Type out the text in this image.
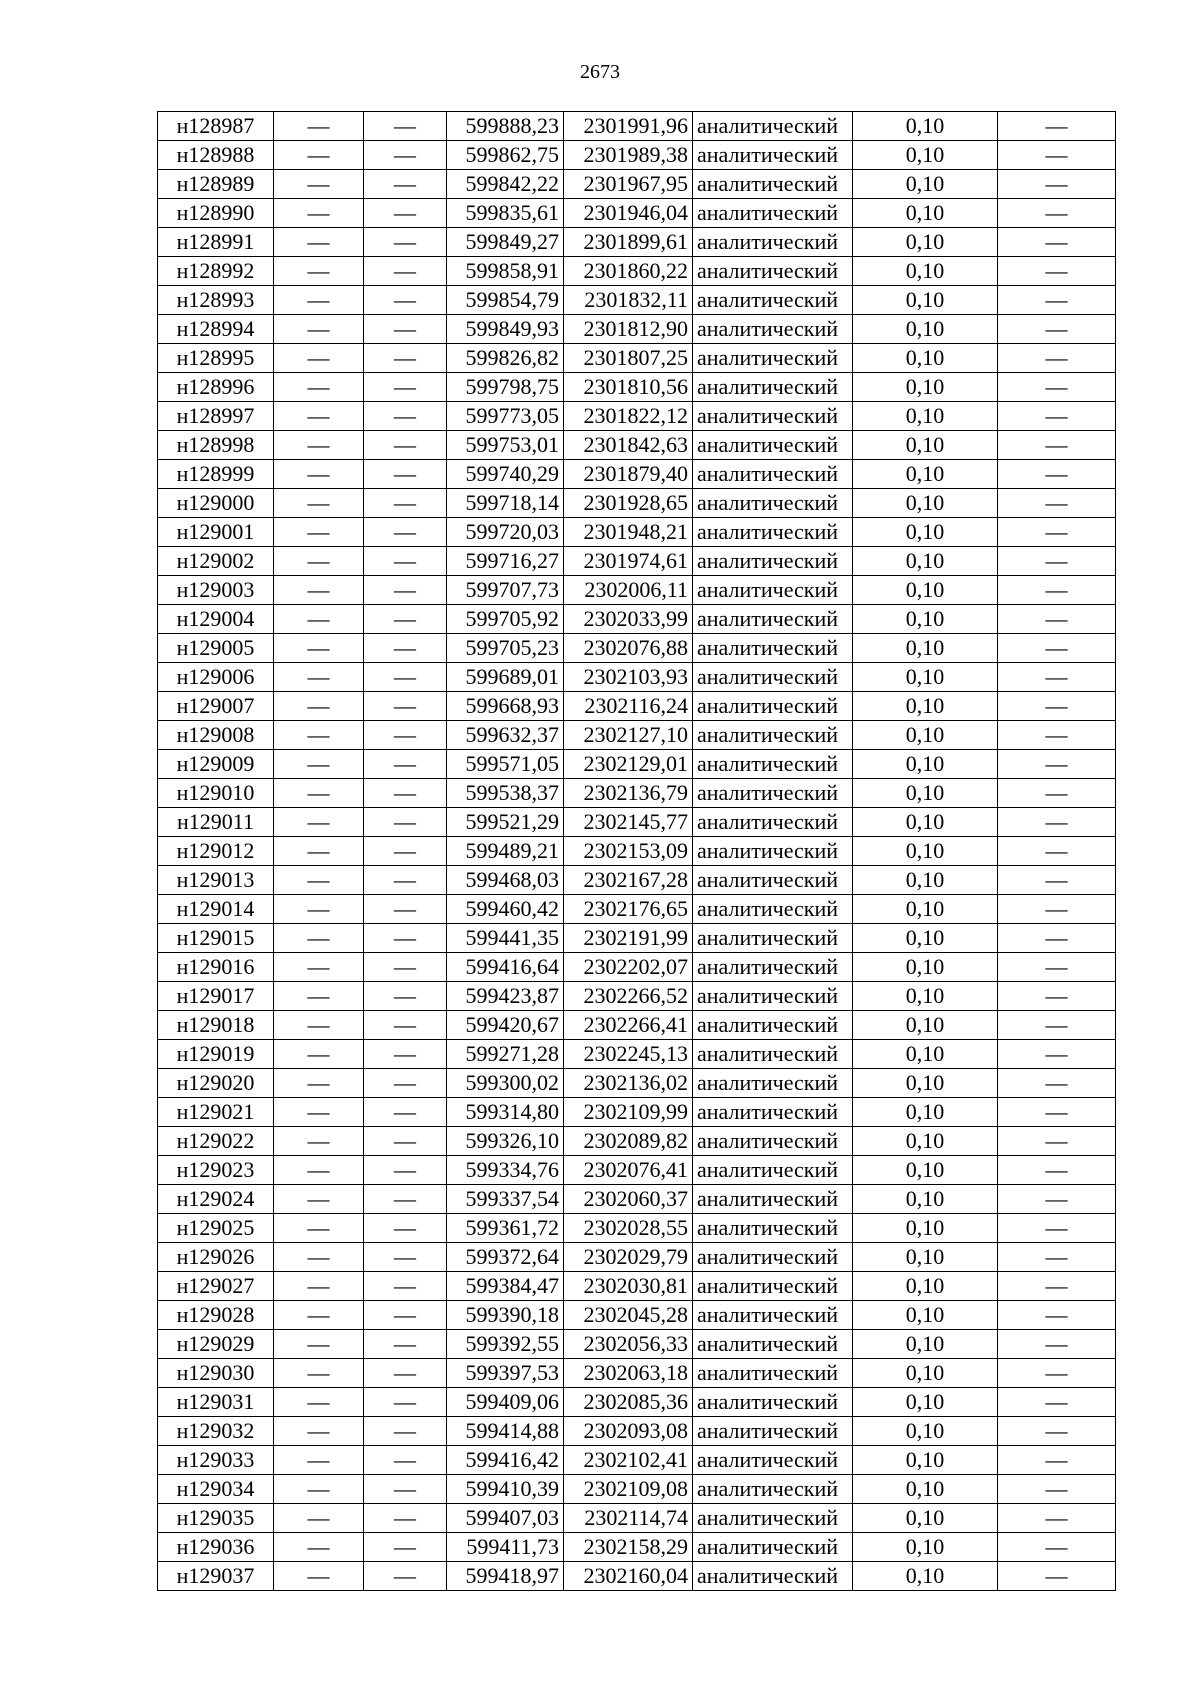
2673
н128987	—	—	599888,23	2301991,96	аналитический	0,10	—
н128988	—	—	599862,75	2301989,38	аналитический	0,10	—
н128989	—	—	599842,22	2301967,95	аналитический	0,10	—
н128990	—	—	599835,61	2301946,04	аналитический	0,10	—
н128991	—	—	599849,27	2301899,61	аналитический	0,10	—
н128992	—	—	599858,91	2301860,22	аналитический	0,10	—
н128993	—	—	599854,79	2301832,11	аналитический	0,10	—
н128994	—	—	599849,93	2301812,90	аналитический	0,10	—
н128995	—	—	599826,82	2301807,25	аналитический	0,10	—
н128996	—	—	599798,75	2301810,56	аналитический	0,10	—
н128997	—	—	599773,05	2301822,12	аналитический	0,10	—
н128998	—	—	599753,01	2301842,63	аналитический	0,10	—
н128999	—	—	599740,29	2301879,40	аналитический	0,10	—
н129000	—	—	599718,14	2301928,65	аналитический	0,10	—
н129001	—	—	599720,03	2301948,21	аналитический	0,10	—
н129002	—	—	599716,27	2301974,61	аналитический	0,10	—
н129003	—	—	599707,73	2302006,11	аналитический	0,10	—
н129004	—	—	599705,92	2302033,99	аналитический	0,10	—
н129005	—	—	599705,23	2302076,88	аналитический	0,10	—
н129006	—	—	599689,01	2302103,93	аналитический	0,10	—
н129007	—	—	599668,93	2302116,24	аналитический	0,10	—
н129008	—	—	599632,37	2302127,10	аналитический	0,10	—
н129009	—	—	599571,05	2302129,01	аналитический	0,10	—
н129010	—	—	599538,37	2302136,79	аналитический	0,10	—
н129011	—	—	599521,29	2302145,77	аналитический	0,10	—
н129012	—	—	599489,21	2302153,09	аналитический	0,10	—
н129013	—	—	599468,03	2302167,28	аналитический	0,10	—
н129014	—	—	599460,42	2302176,65	аналитический	0,10	—
н129015	—	—	599441,35	2302191,99	аналитический	0,10	—
н129016	—	—	599416,64	2302202,07	аналитический	0,10	—
н129017	—	—	599423,87	2302266,52	аналитический	0,10	—
н129018	—	—	599420,67	2302266,41	аналитический	0,10	—
н129019	—	—	599271,28	2302245,13	аналитический	0,10	—
н129020	—	—	599300,02	2302136,02	аналитический	0,10	—
н129021	—	—	599314,80	2302109,99	аналитический	0,10	—
н129022	—	—	599326,10	2302089,82	аналитический	0,10	—
н129023	—	—	599334,76	2302076,41	аналитический	0,10	—
н129024	—	—	599337,54	2302060,37	аналитический	0,10	—
н129025	—	—	599361,72	2302028,55	аналитический	0,10	—
н129026	—	—	599372,64	2302029,79	аналитический	0,10	—
н129027	—	—	599384,47	2302030,81	аналитический	0,10	—
н129028	—	—	599390,18	2302045,28	аналитический	0,10	—
н129029	—	—	599392,55	2302056,33	аналитический	0,10	—
н129030	—	—	599397,53	2302063,18	аналитический	0,10	—
н129031	—	—	599409,06	2302085,36	аналитический	0,10	—
н129032	—	—	599414,88	2302093,08	аналитический	0,10	—
н129033	—	—	599416,42	2302102,41	аналитический	0,10	—
н129034	—	—	599410,39	2302109,08	аналитический	0,10	—
н129035	—	—	599407,03	2302114,74	аналитический	0,10	—
н129036	—	—	599411,73	2302158,29	аналитический	0,10	—
н129037	—	—	599418,97	2302160,04	аналитический	0,10	—
